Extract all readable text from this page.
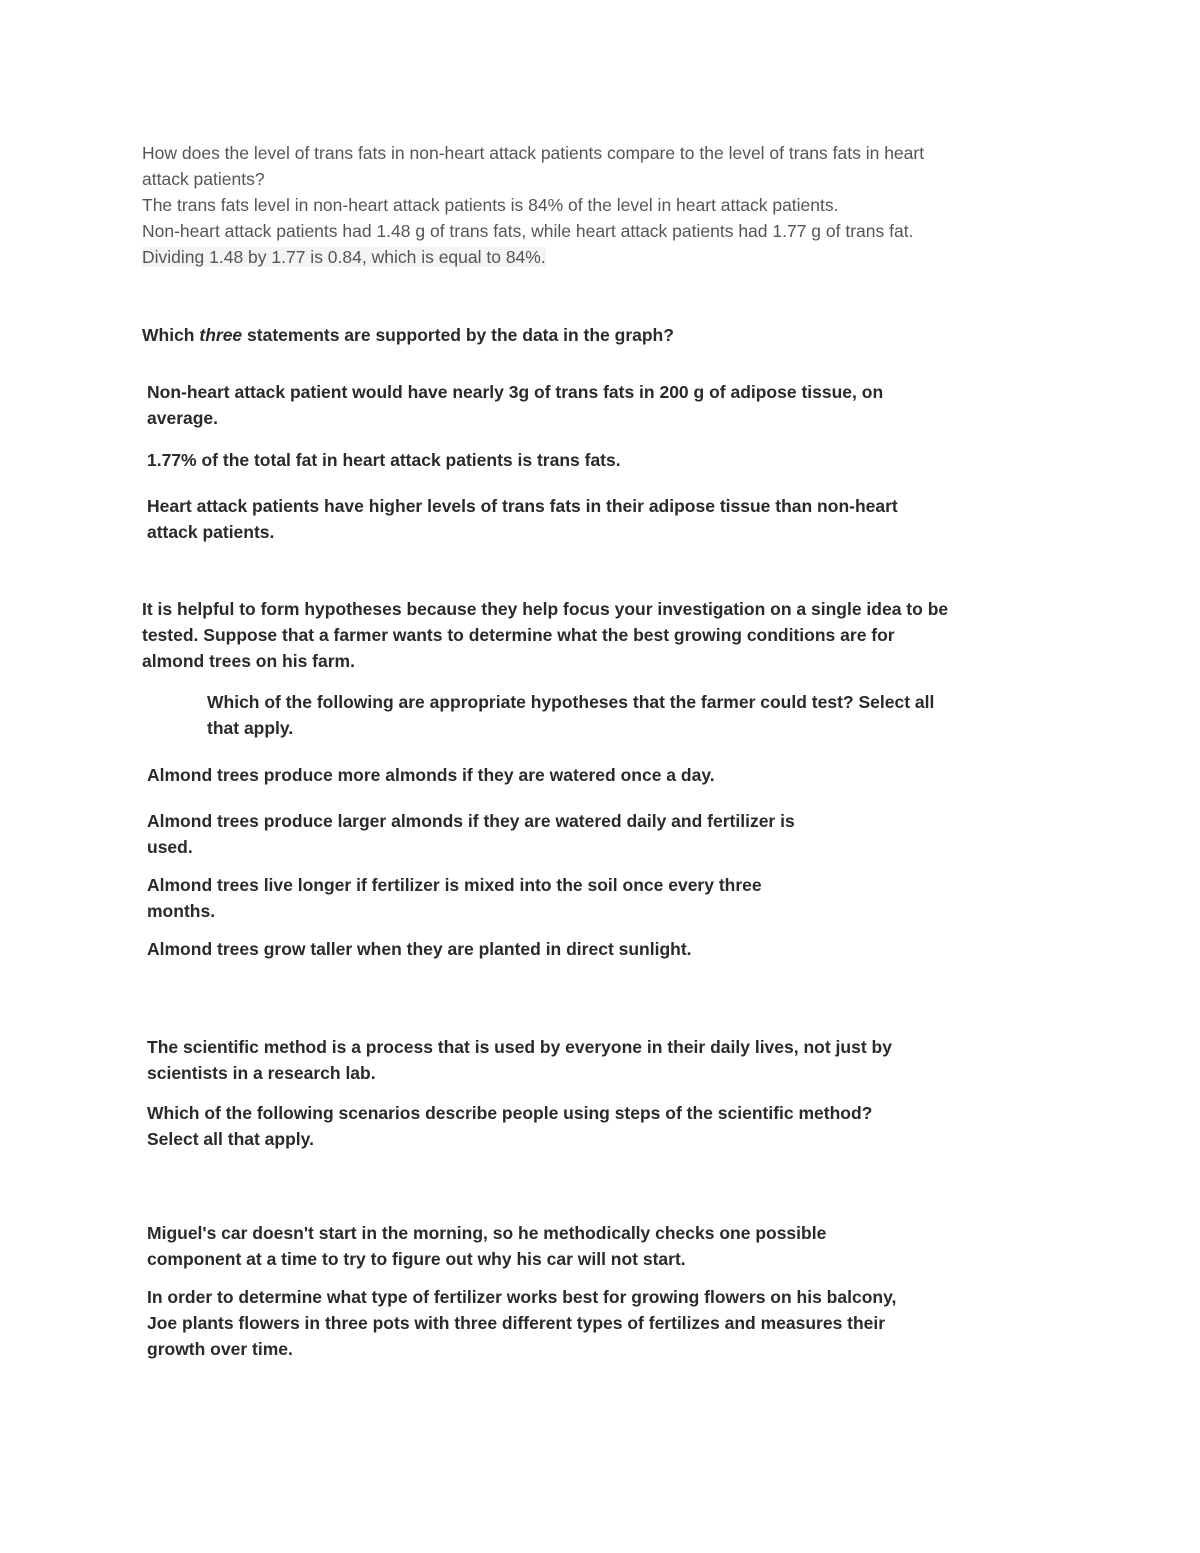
How does the level of trans fats in non-heart attack patients compare to the level of trans fats in heart
attack patients?

The trans fats level in non-heart attack patients is 84% of the level in heart attack patients.

Non-heart attack patients had 1.48 g of trans fats, while heart attack patients had 1.77 g of trans fat.
Dividing 1.48 by 1.77 is 0.84, which is equal to 84%.

Which three statements are supported by the data in the graph?

Non-heart attack patient would have nearly 3g of trans fats in 200 g of adipose tissue, on
average.

1.77% of the total fat in heart attack patients is trans fats.

Heart attack patients have higher levels of trans fats in their adipose tissue than non-heart
attack patients.

It is helpful to form hypotheses because they help focus your investigation on a single idea to be
tested. Suppose that a farmer wants to determine what the best growing conditions are for
almond trees on his farm.

Which of the following are appropriate hypotheses that the farmer could test? Select all
that apply.

Almond trees produce more almonds if they are watered once a day.

Almond trees produce larger almonds if they are watered daily and fertilizer is
used.

Almond trees live longer if fertilizer is mixed into the soil once every three
months.

Almond trees grow taller when they are planted in direct sunlight.

The scientific method is a process that is used by everyone in their daily lives, not just by
scientists in a research lab.

Which of the following scenarios describe people using steps of the scientific method?
Select all that apply.

Miguel's car doesn't start in the morning, so he methodically checks one possible
component at a time to try to figure out why his car will not start.

In order to determine what type of fertilizer works best for growing flowers on his balcony,
Joe plants flowers in three pots with three different types of fertilizes and measures their
growth over time.
